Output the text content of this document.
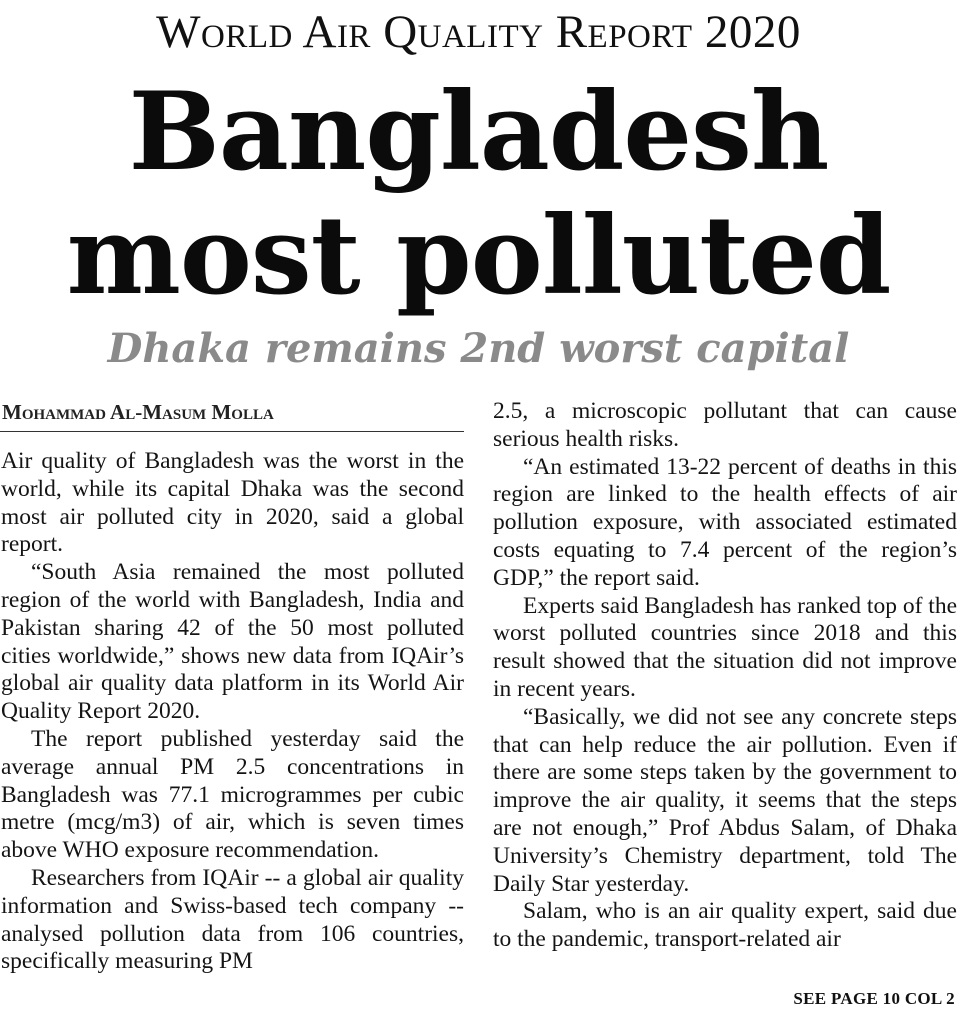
World Air Quality Report 2020
Bangladesh most polluted
Dhaka remains 2nd worst capital
Mohammad Al-Masum Molla

Air quality of Bangladesh was the worst in the world, while its capital Dhaka was the second most air polluted city in 2020, said a global report.

“South Asia remained the most polluted region of the world with Bangladesh, India and Pakistan sharing 42 of the 50 most polluted cities worldwide,” shows new data from IQAir’s global air quality data platform in its World Air Quality Report 2020.

The report published yesterday said the average annual PM 2.5 concentrations in Bangladesh was 77.1 microgrammes per cubic metre (mcg/m3) of air, which is seven times above WHO exposure recommendation.

Researchers from IQAir -- a global air quality information and Swiss-based tech company -- analysed pollution data from 106 countries, specifically measuring PM

2.5, a microscopic pollutant that can cause serious health risks.

“An estimated 13-22 percent of deaths in this region are linked to the health effects of air pollution exposure, with associated estimated costs equating to 7.4 percent of the region’s GDP,” the report said.

Experts said Bangladesh has ranked top of the worst polluted countries since 2018 and this result showed that the situation did not improve in recent years.

“Basically, we did not see any concrete steps that can help reduce the air pollution. Even if there are some steps taken by the government to improve the air quality, it seems that the steps are not enough,” Prof Abdus Salam, of Dhaka University’s Chemistry department, told The Daily Star yesterday.

Salam, who is an air quality expert, said due to the pandemic, transport-related air

SEE PAGE 10 COL 2
